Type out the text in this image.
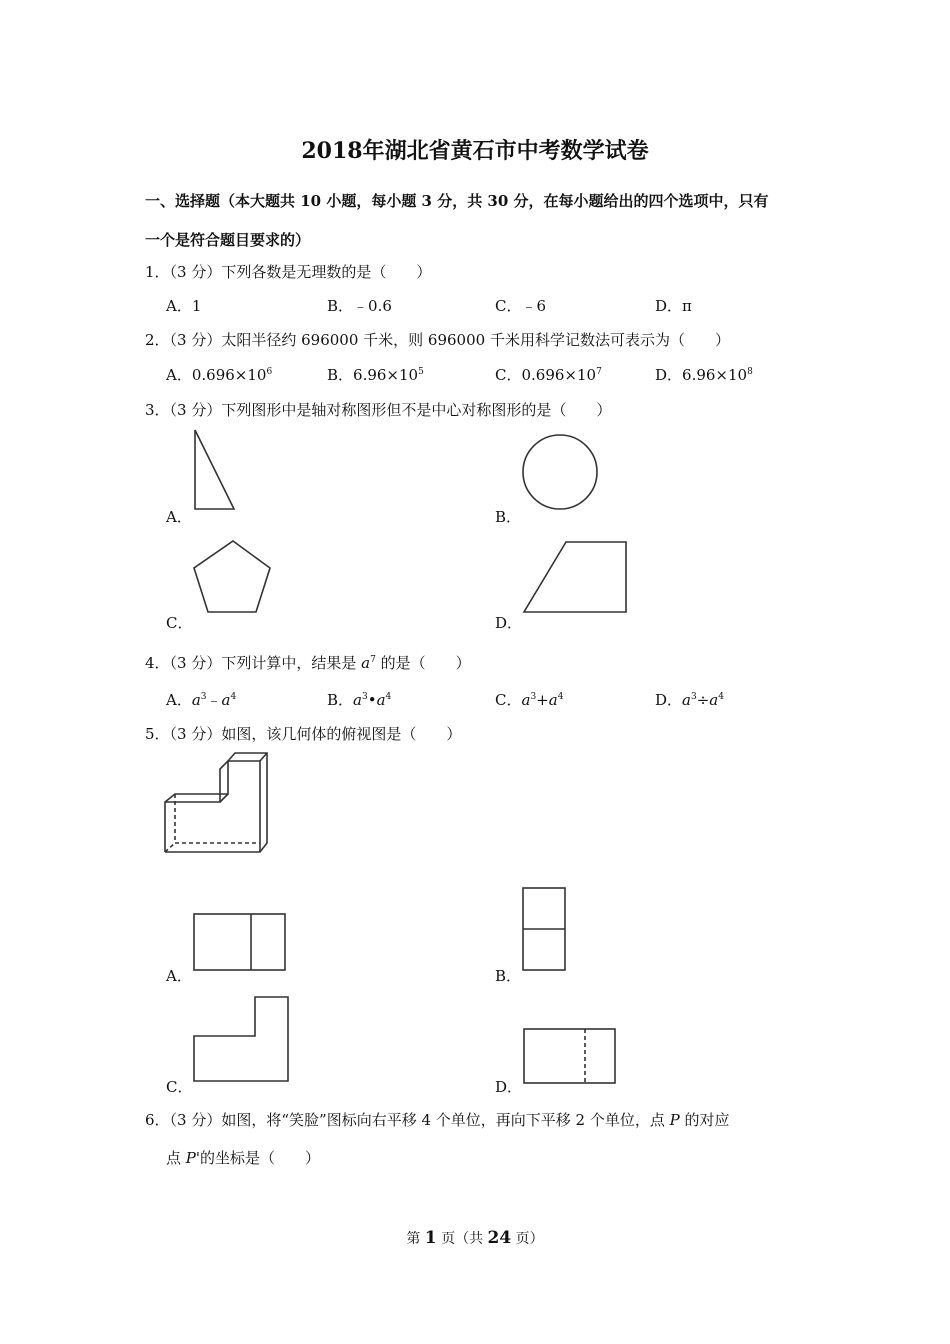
2018年湖北省黄石市中考数学试卷
一、选择题（本大题共 10 小题，每小题 3 分，共 30 分，在每小题给出的四个选项中，只有
一个是符合题目要求的）
1．（3 分）下列各数是无理数的是（　　）
A．1	B．﹣0.6	C．﹣6	D．π
2．（3 分）太阳半径约 696000 千米，则 696000 千米用科学记数法可表示为（　　）
A．$0.696\times 10^6$	B．$6.96\times 10^5$	C．$0.696\times 10^7$	D．$6.96\times 10^8$
3．（3 分）下列图形中是轴对称图形但不是中心对称图形的是（　　）
A．	B．
C．	D．
4．（3 分）下列计算中，结果是 $a^7$ 的是（　　）
A．$a^3﹣a^4$	B．$a^3•a^4$	C．$a^3+a^4$	D．$a^3\div a^4$
5．（3 分）如图，该几何体的俯视图是（　　）
A．	B．
C．	D．
6．（3 分）如图，将“笑脸”图标向右平移 4 个单位，再向下平移 2 个单位，点 P 的对应
点 P'的坐标是（　　）
第 1 页（共 24 页）
